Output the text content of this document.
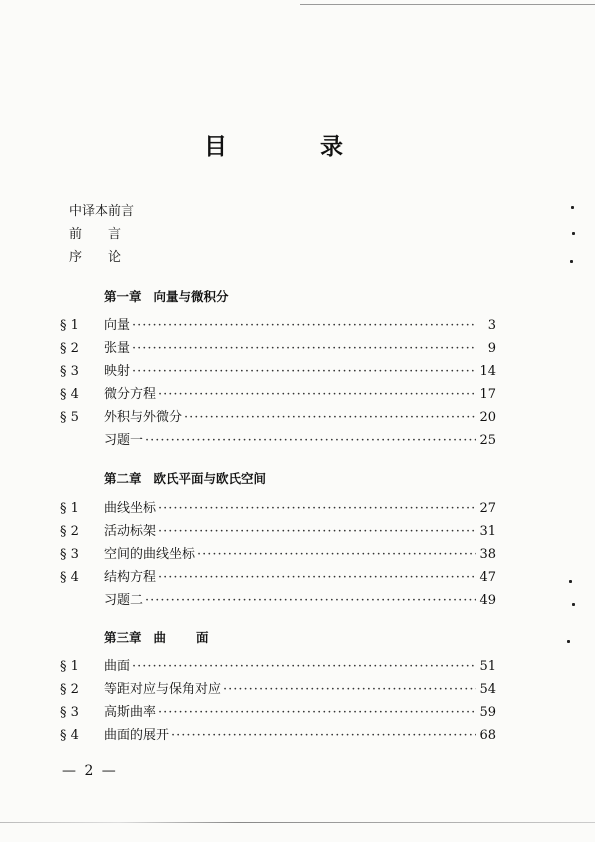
目	录
中译本前言
前 言
序 论
第一章 向量与微积分
§ 1	向量 ·····	3
§ 2	张量 ·····	9
§ 3	映射 ·····	14
§ 4	微分方程 ·····	17
§ 5	外积与外微分 ·····	20
习题一 ·····	25
第二章 欧氏平面与欧氏空间
§ 1	曲线坐标 ·····	27
§ 2	活动标架 ·····	31
§ 3	空间的曲线坐标 ·····	38
§ 4	结构方程 ·····	47
习题二 ·····	49
第三章 曲 面
§ 1	曲面 ·····	51
§ 2	等距对应与保角对应 ·····	54
§ 3	高斯曲率 ·····	59
§ 4	曲面的展开 ·····	68
— 2 —
